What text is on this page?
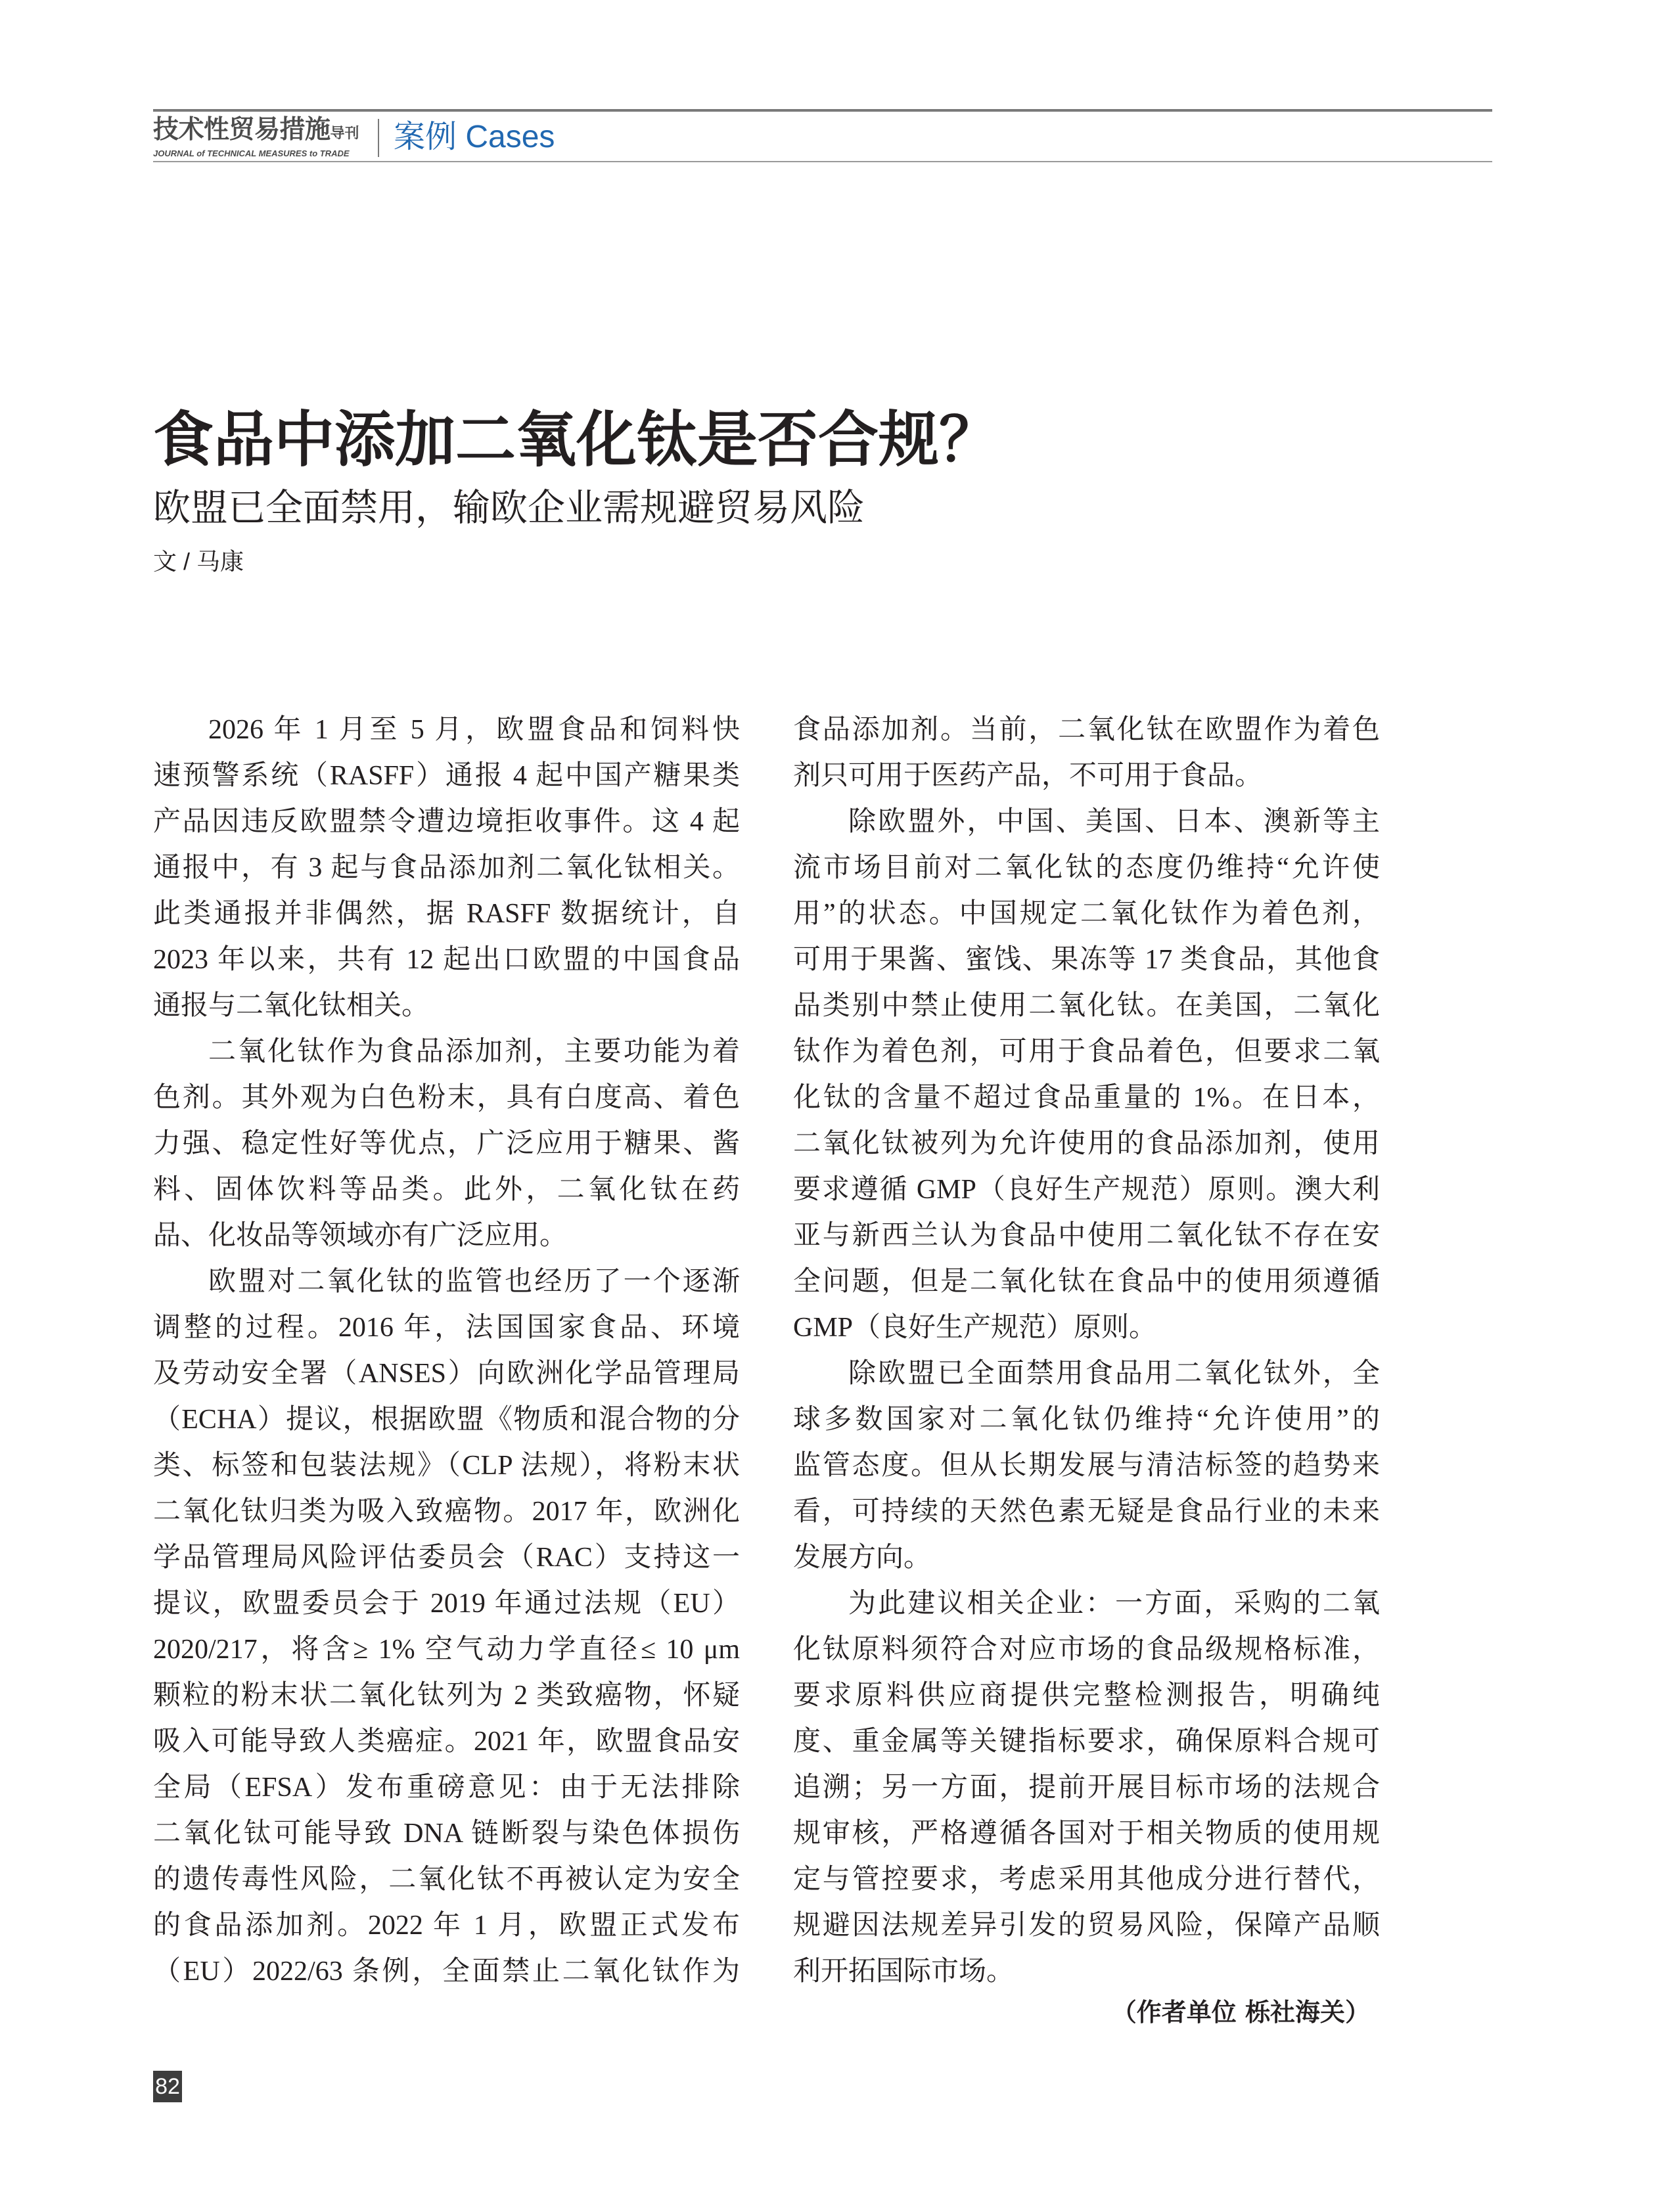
技术性贸易措施导刊
JOURNAL of TECHNICAL MEASURES to TRADE	案例 Cases
食品中添加二氧化钛是否合规？
欧盟已全面禁用，输欧企业需规避贸易风险
文 / 马康
2026 年 1 月至 5 月，欧盟食品和饲料快
速预警系统（RASFF）通报 4 起中国产糖果类
产品因违反欧盟禁令遭边境拒收事件。这 4 起
通报中，有 3 起与食品添加剂二氧化钛相关。
此类通报并非偶然，据 RASFF 数据统计，自
2023 年以来，共有 12 起出口欧盟的中国食品
通报与二氧化钛相关。
二氧化钛作为食品添加剂，主要功能为着
色剂。其外观为白色粉末，具有白度高、着色
力强、稳定性好等优点，广泛应用于糖果、酱
料、固体饮料等品类。此外，二氧化钛在药
品、化妆品等领域亦有广泛应用。
欧盟对二氧化钛的监管也经历了一个逐渐
调整的过程。2016 年，法国国家食品、环境
及劳动安全署（ANSES）向欧洲化学品管理局
（ECHA）提议，根据欧盟《物质和混合物的分
类、标签和包装法规》（CLP 法规），将粉末状
二氧化钛归类为吸入致癌物。2017 年，欧洲化
学品管理局风险评估委员会（RAC）支持这一
提议，欧盟委员会于 2019 年通过法规（EU）
2020/217，将含≥ 1% 空气动力学直径≤ 10 μm
颗粒的粉末状二氧化钛列为 2 类致癌物，怀疑
吸入可能导致人类癌症。2021 年，欧盟食品安
全局（EFSA）发布重磅意见：由于无法排除
二氧化钛可能导致 DNA 链断裂与染色体损伤
的遗传毒性风险，二氧化钛不再被认定为安全
的食品添加剂。2022 年 1 月，欧盟正式发布
（EU）2022/63 条例，全面禁止二氧化钛作为
食品添加剂。当前，二氧化钛在欧盟作为着色
剂只可用于医药产品，不可用于食品。
除欧盟外，中国、美国、日本、澳新等主
流市场目前对二氧化钛的态度仍维持“允许使
用”的状态。中国规定二氧化钛作为着色剂，
可用于果酱、蜜饯、果冻等 17 类食品，其他食
品类别中禁止使用二氧化钛。在美国，二氧化
钛作为着色剂，可用于食品着色，但要求二氧
化钛的含量不超过食品重量的 1%。在日本，
二氧化钛被列为允许使用的食品添加剂，使用
要求遵循 GMP（良好生产规范）原则。澳大利
亚与新西兰认为食品中使用二氧化钛不存在安
全问题，但是二氧化钛在食品中的使用须遵循
GMP（良好生产规范）原则。
除欧盟已全面禁用食品用二氧化钛外，全
球多数国家对二氧化钛仍维持“允许使用”的
监管态度。但从长期发展与清洁标签的趋势来
看，可持续的天然色素无疑是食品行业的未来
发展方向。
为此建议相关企业：一方面，采购的二氧
化钛原料须符合对应市场的食品级规格标准，
要求原料供应商提供完整检测报告，明确纯
度、重金属等关键指标要求，确保原料合规可
追溯；另一方面，提前开展目标市场的法规合
规审核，严格遵循各国对于相关物质的使用规
定与管控要求，考虑采用其他成分进行替代，
规避因法规差异引发的贸易风险，保障产品顺
利开拓国际市场。
（作者单位 栎社海关）
82
